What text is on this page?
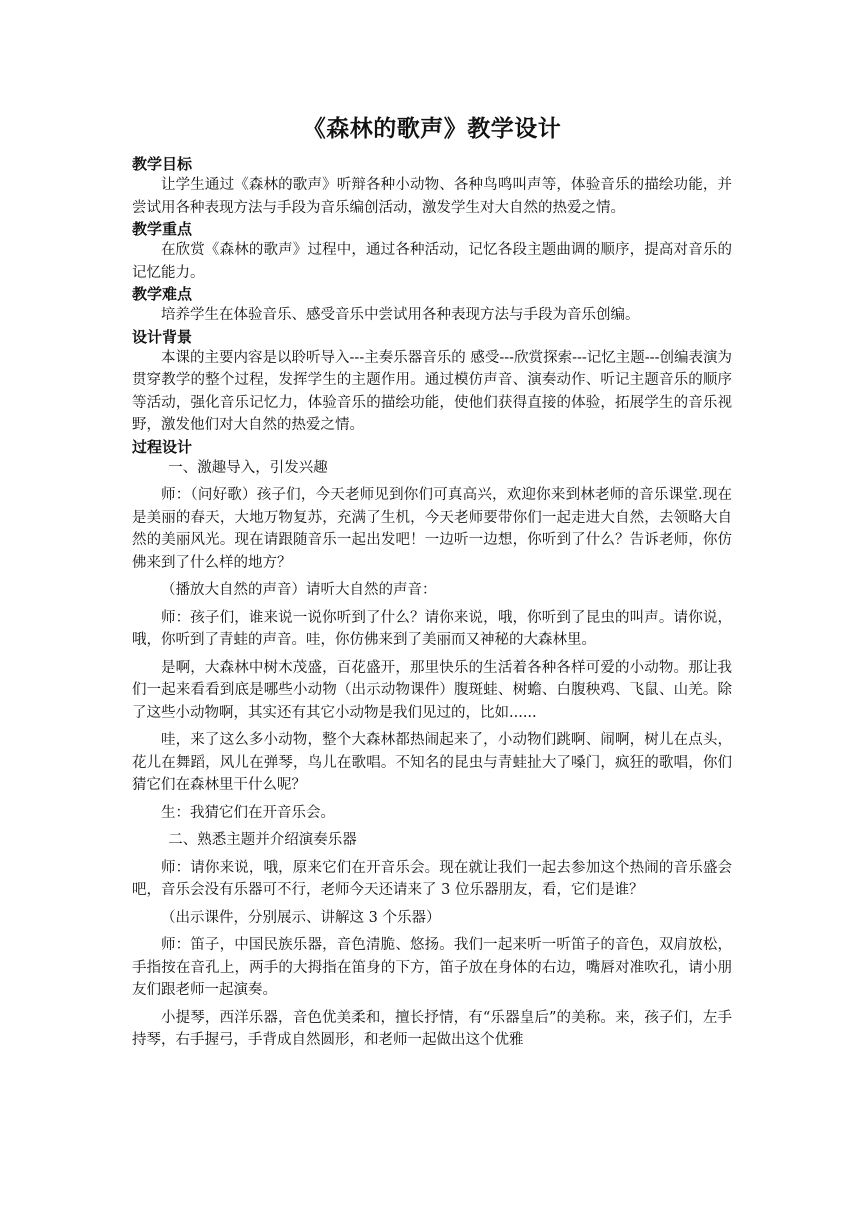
《森林的歌声》教学设计
教学目标

让学生通过《森林的歌声》听辩各种小动物、各种鸟鸣叫声等，体验音乐的描绘功能，并尝试用各种表现方法与手段为音乐编创活动，激发学生对大自然的热爱之情。

教学重点

在欣赏《森林的歌声》过程中，通过各种活动，记忆各段主题曲调的顺序，提高对音乐的记忆能力。

教学难点

培养学生在体验音乐、感受音乐中尝试用各种表现方法与手段为音乐创编。

设计背景

本课的主要内容是以聆听导入---主奏乐器音乐的 感受---欣赏探索---记忆主题---创编表演为贯穿教学的整个过程，发挥学生的主题作用。通过模仿声音、演奏动作、听记主题音乐的顺序等活动，强化音乐记忆力，体验音乐的描绘功能，使他们获得直接的体验，拓展学生的音乐视野，激发他们对大自然的热爱之情。

过程设计

一、激趣导入，引发兴趣

师：（问好歌）孩子们，今天老师见到你们可真高兴，欢迎你来到林老师的音乐课堂.现在是美丽的春天，大地万物复苏，充满了生机，今天老师要带你们一起走进大自然，去领略大自然的美丽风光。现在请跟随音乐一起出发吧！一边听一边想，你听到了什么？告诉老师，你仿佛来到了什么样的地方？

（播放大自然的声音）请听大自然的声音：

师：孩子们，谁来说一说你听到了什么？请你来说，哦，你听到了昆虫的叫声。请你说，哦，你听到了青蛙的声音。哇，你仿佛来到了美丽而又神秘的大森林里。

是啊，大森林中树木茂盛，百花盛开，那里快乐的生活着各种各样可爱的小动物。那让我们一起来看看到底是哪些小动物（出示动物课件）腹斑蛙、树蟾、白腹秧鸡、飞鼠、山羌。除了这些小动物啊，其实还有其它小动物是我们见过的，比如......

哇，来了这么多小动物，整个大森林都热闹起来了，小动物们跳啊、闹啊，树儿在点头，花儿在舞蹈，风儿在弹琴，鸟儿在歌唱。不知名的昆虫与青蛙扯大了嗓门，疯狂的歌唱，你们猜它们在森林里干什么呢？

生：我猜它们在开音乐会。

二、熟悉主题并介绍演奏乐器

师：请你来说，哦，原来它们在开音乐会。现在就让我们一起去参加这个热闹的音乐盛会吧，音乐会没有乐器可不行，老师今天还请来了 3 位乐器朋友，看，它们是谁？

（出示课件，分别展示、讲解这 3 个乐器）

师：笛子，中国民族乐器，音色清脆、悠扬。我们一起来听一听笛子的音色，双肩放松，手指按在音孔上，两手的大拇指在笛身的下方，笛子放在身体的右边，嘴唇对准吹孔，请小朋友们跟老师一起演奏。

小提琴，西洋乐器，音色优美柔和，擅长抒情，有“乐器皇后”的美称。来，孩子们，左手持琴，右手握弓，手背成自然圆形，和老师一起做出这个优雅
